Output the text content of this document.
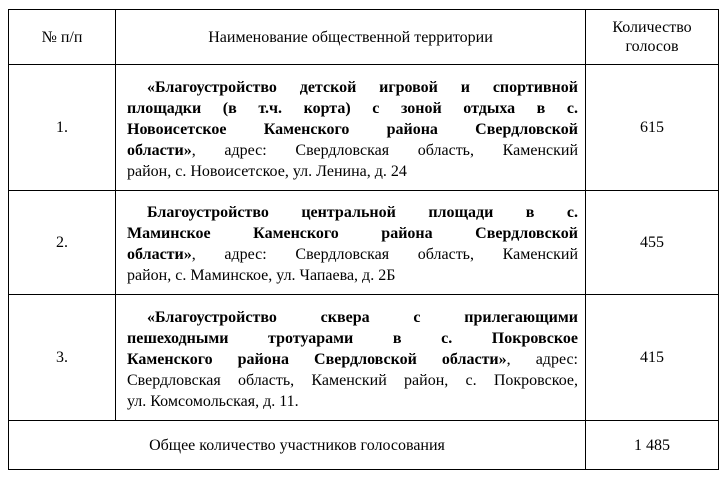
№ п/п	Наименование общественной территории	Количество
голосов
1.	«Благоустройство детской игровой и спортивной
площадки (в т.ч. корта) с зоной отдыха в с.
Новоисетское Каменского района Свердловской
области», адрес: Свердловская область, Каменский
район, с. Новоисетское, ул. Ленина, д. 24	615
2.	Благоустройство центральной площади в с.
Маминское Каменского района Свердловской
области», адрес: Свердловская область, Каменский
район, с. Маминское, ул. Чапаева, д. 2Б	455
3.	«Благоустройство сквера с прилегающими
пешеходными тротуарами в с. Покровское
Каменского района Свердловской области», адрес:
Свердловская область, Каменский район, с. Покровское,
ул. Комсомольская, д. 11.	415
Общее количество участников голосования		1 485
